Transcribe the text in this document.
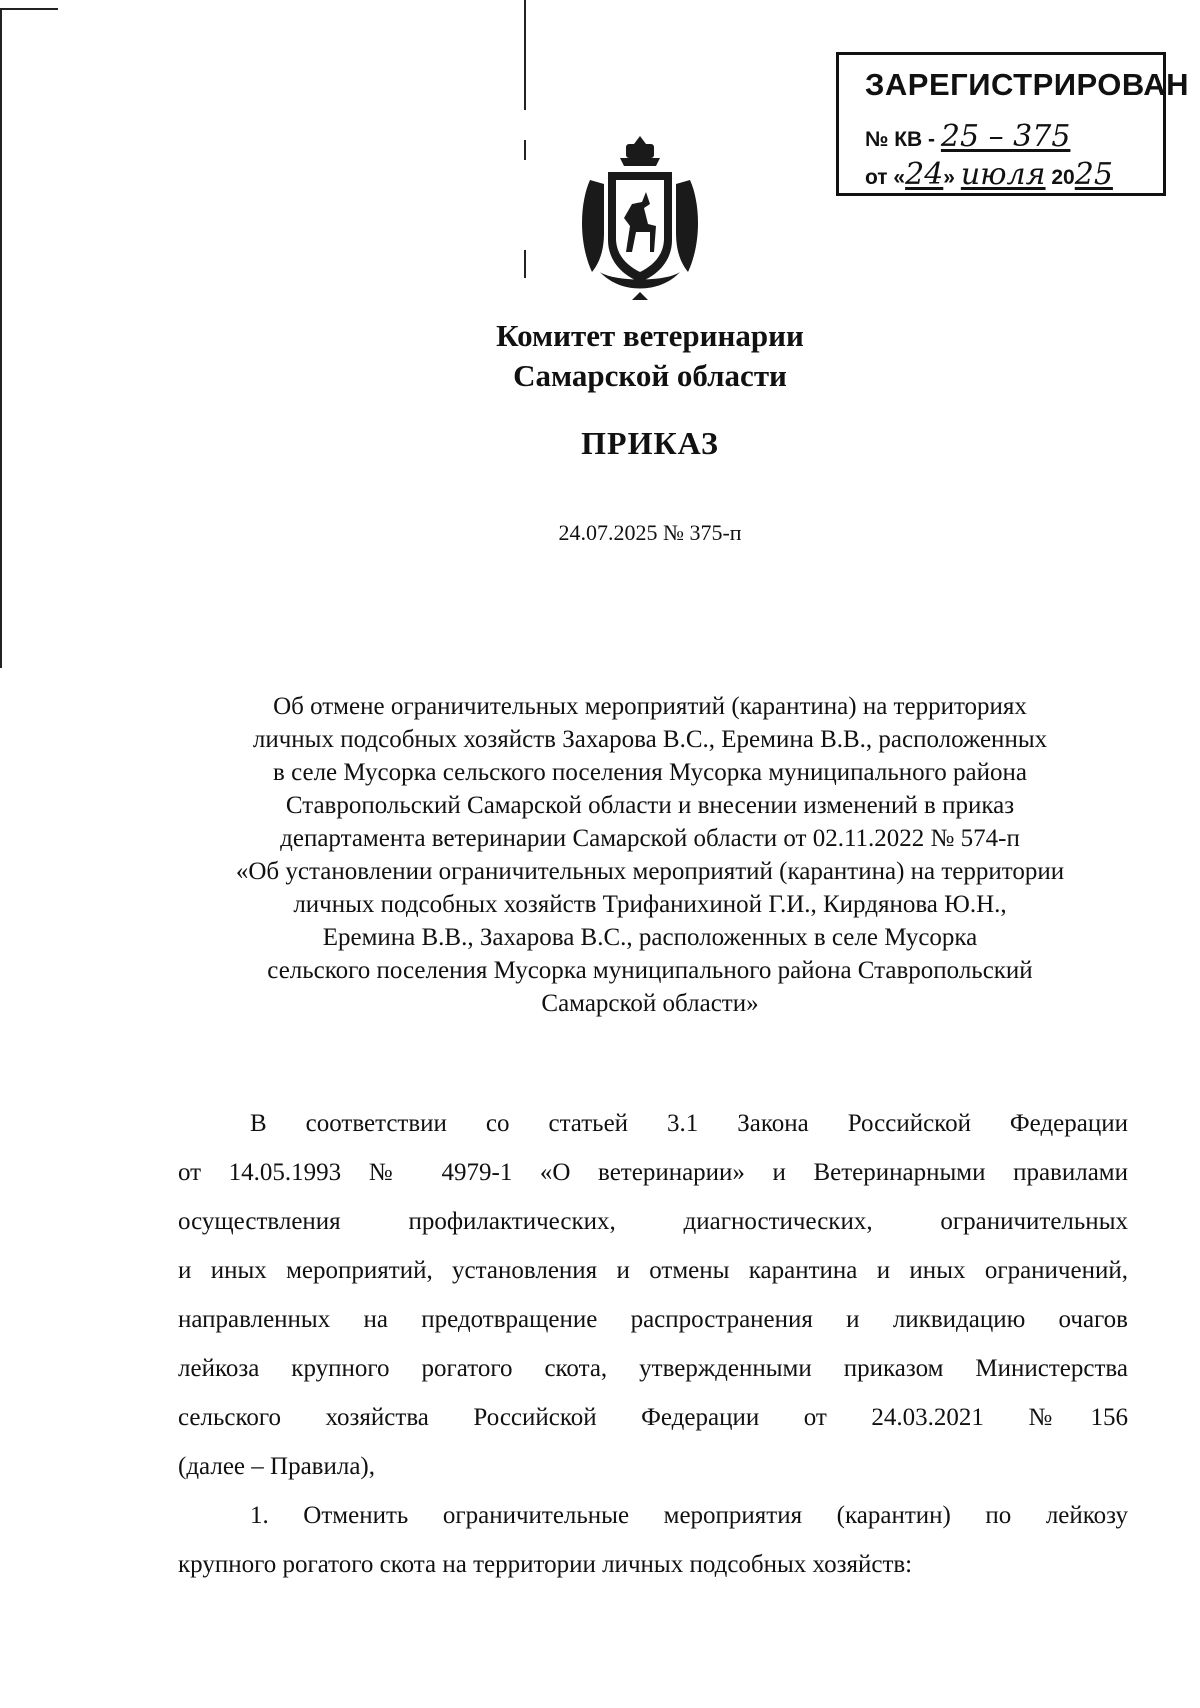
ЗАРЕГИСТРИРОВАН
№ КВ - 25 – 375
от «24» июля 2025
Комитет ветеринарии
Самарской области
ПРИКАЗ
24.07.2025 № 375-п
Об отмене ограничительных мероприятий (карантина) на территориях
личных подсобных хозяйств Захарова В.С., Еремина В.В., расположенных
в селе Мусорка сельского поселения Мусорка муниципального района
Ставропольский Самарской области и внесении изменений в приказ
департамента ветеринарии Самарской области от 02.11.2022 № 574-п
«Об установлении ограничительных мероприятий (карантина) на территории
личных подсобных хозяйств Трифанихиной Г.И., Кирдянова Ю.Н.,
Еремина В.В., Захарова В.С., расположенных в селе Мусорка
сельского поселения Мусорка муниципального района Ставропольский
Самарской области»
В соответствии со статьей 3.1 Закона Российской Федерации
от 14.05.1993 № 4979-1 «О ветеринарии» и Ветеринарными правилами
осуществления профилактических, диагностических, ограничительных
и иных мероприятий, установления и отмены карантина и иных ограничений,
направленных на предотвращение распространения и ликвидацию очагов
лейкоза крупного рогатого скота, утвержденными приказом Министерства
сельского хозяйства Российской Федерации от 24.03.2021 №156
(далее – Правила),
1. Отменить ограничительные мероприятия (карантин) по лейкозу
крупного рогатого скота на территории личных подсобных хозяйств:
